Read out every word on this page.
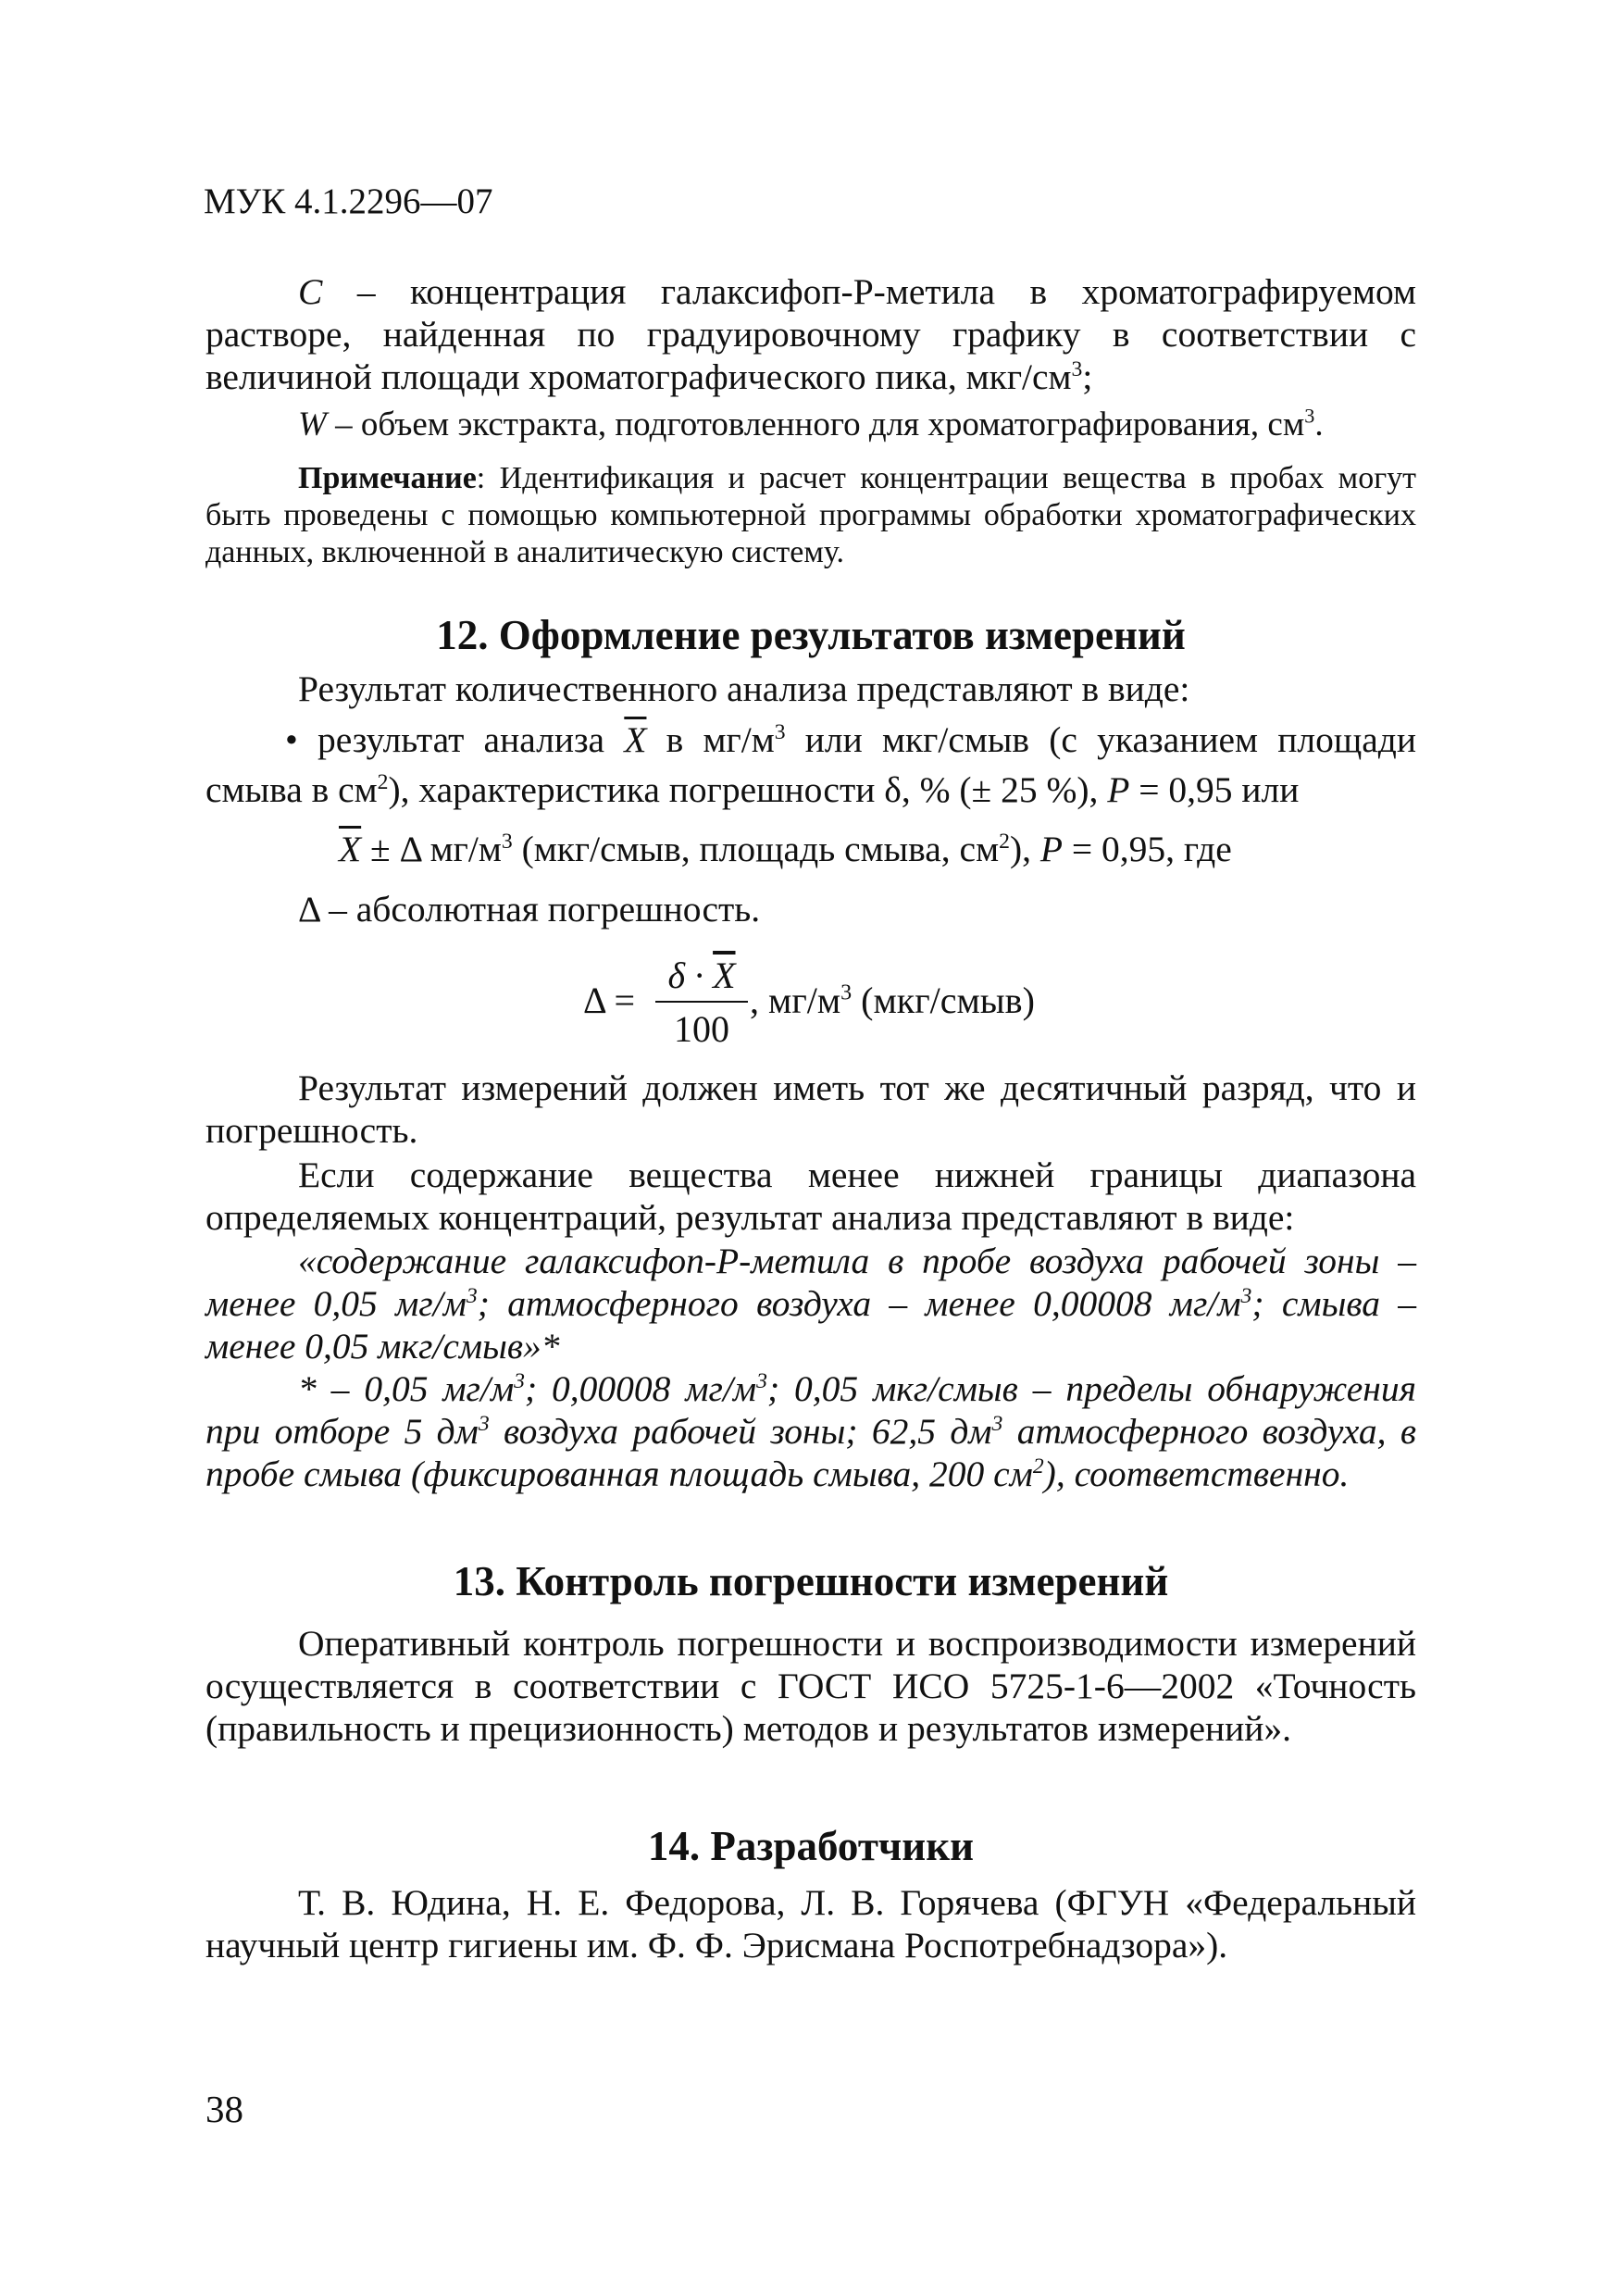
МУК 4.1.2296—07
С – концентрация галаксифоп-Р-метила в хроматографируемом растворе, найденная по градуировочному графику в соответствии с величиной площади хроматографического пика, мкг/$см^3$;
W – объем экстракта, подготовленного для хроматографирования, $см^3$.
Примечание: Идентификация и расчет концентрации вещества в пробах могут быть проведены с помощью компьютерной программы обработки хроматографических данных, включенной в аналитическую систему.
12. Оформление результатов измерений
Результат количественного анализа представляют в виде:
• результат анализа $\overline{X}$ в $мг/м^3$ или мкг/смыв (с указанием площади
смыва в $см^2$), характеристика погрешности δ, % (± 25 %), P = 0,95 или
$\overline{X} \pm \Delta$ $мг/м^3$ (мкг/смыв, площадь смыва, $см^2$), P = 0,95, где
Δ – абсолютная погрешность.
Δ =
$\delta \cdot \overline{X}$
100
, $мг/м^3$ (мкг/смыв)
Результат измерений должен иметь тот же десятичный разряд, что и погрешность.
Если содержание вещества менее нижней границы диапазона определяемых концентраций, результат анализа представляют в виде:
«содержание галаксифоп-Р-метила в пробе воздуха рабочей зоны – менее 0,05 $мг/м^3$; атмосферного воздуха – менее 0,00008 $мг/м^3$; смыва – менее 0,05 мкг/смыв»*
* – 0,05 $мг/м^3$; 0,00008 $мг/м^3$; 0,05 мкг/смыв – пределы обнаружения при отборе 5 $дм^3$ воздуха рабочей зоны; 62,5 $дм^3$ атмосферного воздуха, в пробе смыва (фиксированная площадь смыва, 200 $см^2$), соответственно.
13. Контроль погрешности измерений
Оперативный контроль погрешности и воспроизводимости измерений осуществляется в соответствии с ГОСТ ИСО 5725-1-6—2002 «Точность (правильность и прецизионность) методов и результатов измерений».
14. Разработчики
Т. В. Юдина, Н. Е. Федорова, Л. В. Горячева (ФГУН «Федеральный научный центр гигиены им. Ф. Ф. Эрисмана Роспотребнадзора»).
38
